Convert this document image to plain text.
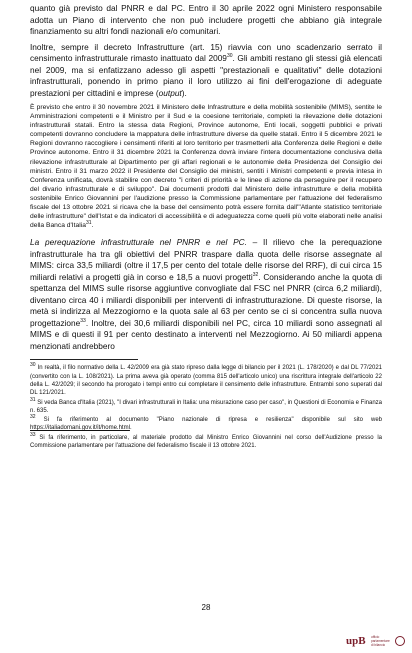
quanto già previsto dal PNRR e dal PC. Entro il 30 aprile 2022 ogni Ministero responsabile adotta un Piano di intervento che non può includere progetti che abbiano già integrale finanziamento su altri fondi nazionali e/o comunitari.

Inoltre, sempre il decreto Infrastrutture (art. 15) riavvia con uno scadenzario serrato il censimento infrastrutturale rimasto inattuato dal 2009$^{30}$. Gli ambiti restano gli stessi già elencati nel 2009, ma si enfatizzano adesso gli aspetti "prestazionali e qualitativi" delle dotazioni infrastrutturali, ponendo in primo piano il loro utilizzo ai fini dell'erogazione di adeguate prestazioni per cittadini e imprese (output).

È previsto che entro il 30 novembre 2021 il Ministero delle Infrastrutture e della mobilità sostenibile (MIMS), sentite le Amministrazioni competenti e il Ministro per il Sud e la coesione territoriale, completi la rilevazione delle dotazioni infrastrutturali statali. Entro la stessa data Regioni, Province autonome, Enti locali, soggetti pubblici e privati competenti dovranno concludere la mappatura delle infrastrutture diverse da quelle statali. Entro il 5 dicembre 2021 le Regioni dovranno raccogliere i censimenti riferiti al loro territorio per trasmetterli alla Conferenza delle Regioni e delle Province autonome. Entro il 31 dicembre 2021 la Conferenza dovrà inviare l'intera documentazione conclusiva della rilevazione infrastrutturale al Dipartimento per gli affari regionali e le autonomie della Presidenza del Consiglio dei ministri. Entro il 31 marzo 2022 il Presidente del Consiglio dei ministri, sentiti i Ministri competenti e previa intesa in Conferenza unificata, dovrà stabilire con decreto "i criteri di priorità e le linee di azione da perseguire per il recupero del divario infrastrutturale e di sviluppo". Dai documenti prodotti dal Ministero delle infrastrutture e della mobilità sostenibile Enrico Giovannini per l'audizione presso la Commissione parlamentare per l'attuazione del federalismo fiscale del 13 ottobre 2021 si ricava che la base del censimento potrà essere fornita dall'"Atlante statistico territoriale delle infrastrutture" dell'Istat e da indicatori di accessibilità e di adeguatezza come quelli più volte elaborati nelle analisi della Banca d'Italia$^{31}$.

La perequazione infrastrutturale nel PNRR e nel PC. – Il rilievo che la perequazione infrastrutturale ha tra gli obiettivi del PNRR traspare dalla quota delle risorse assegnate al MIMS: circa 33,5 miliardi (oltre il 17,5 per cento del totale delle risorse del RRF), di cui circa 15 miliardi relativi a progetti già in corso e 18,5 a nuovi progetti$^{32}$. Considerando anche la quota di spettanza del MIMS sulle risorse aggiuntive convogliate dal FSC nel PNRR (circa 6,2 miliardi), diventano circa 40 i miliardi disponibili per interventi di infrastrutturazione. Di queste risorse, la metà si indirizza al Mezzogiorno e la quota sale al 63 per cento se ci si concentra sulla nuova progettazione$^{33}$. Inoltre, dei 30,6 miliardi disponibili nel PC, circa 10 miliardi sono assegnati al MIMS e di questi il 91 per cento destinato a interventi nel Mezzogiorno. Ai 50 miliardi appena menzionati andrebbero

$^{30}$ In realtà, il filo normativo della L. 42/2009 era già stato ripreso dalla legge di bilancio per il 2021 (L. 178/2020) e dal DL 77/2021 (convertito con la L. 108/2021). La prima aveva già operato (comma 815 dell'articolo unico) una riscrittura integrale dell'articolo 22 della L. 42/2029; il secondo ha prorogato i tempi entro cui completare il censimento delle infrastrutture. Entrambi sono superati dal DL 121/2021.

$^{31}$ Si veda Banca d'Italia (2021), "I divari infrastrutturali in Italia: una misurazione caso per caso", in Questioni di Economia e Finanza n. 635.

$^{32}$ Si fa riferimento al documento "Piano nazionale di ripresa e resilienza" disponibile sul sito web https://italiadomani.gov.it/it/home.html.

$^{33}$ Si fa riferimento, in particolare, al materiale prodotto dal Ministro Enrico Giovannini nel corso dell'Audizione presso la Commissione parlamentare per l'attuazione del federalismo fiscale il 13 ottobre 2021.

28
upB ufficio parlamentare di bilancio
